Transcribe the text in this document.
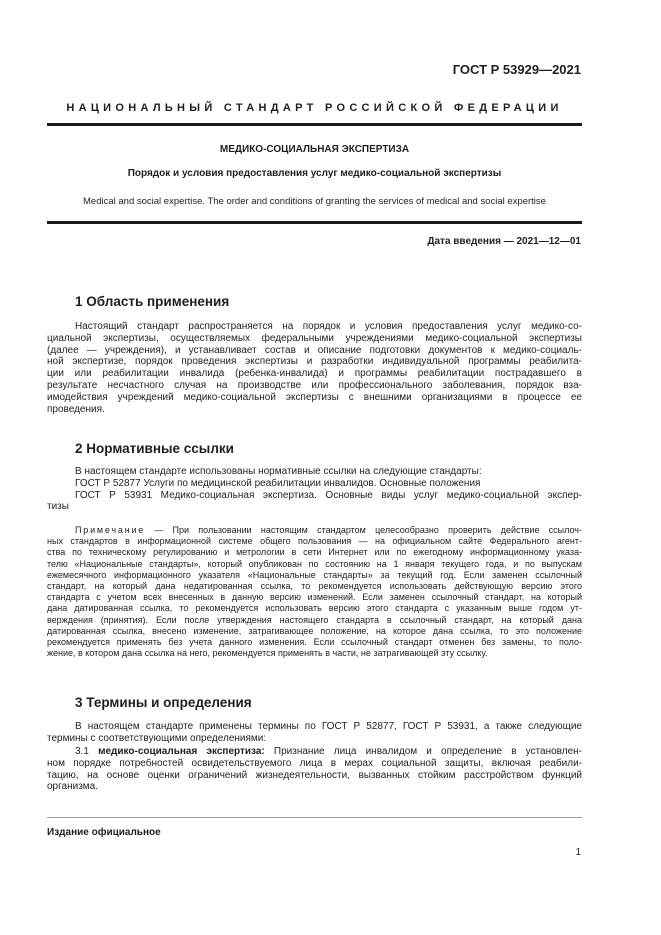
ГОСТ Р 53929—2021
НАЦИОНАЛЬНЫЙ СТАНДАРТ РОССИЙСКОЙ ФЕДЕРАЦИИ
МЕДИКО-СОЦИАЛЬНАЯ ЭКСПЕРТИЗА
Порядок и условия предоставления услуг медико-социальной экспертизы
Medical and social expertise. The order and conditions of granting the services of medical and social expertise
Дата введения — 2021—12—01
1 Область применения
Настоящий стандарт распространяется на порядок и условия предоставления услуг медико-со-
циальной экспертизы, осуществляемых федеральными учреждениями медико-социальной экспертизы
(далее — учреждения), и устанавливает состав и описание подготовки документов к медико-социаль-
ной экспертизе, порядок проведения экспертизы и разработки индивидуальной программы реабилита-
ции или реабилитации инвалида (ребенка-инвалида) и программы реабилитации пострадавшего в
результате несчастного случая на производстве или профессионального заболевания, порядок вза-
имодействия учреждений медико-социальной экспертизы с внешними организациями в процессе ее
проведения.
2 Нормативные ссылки
В настоящем стандарте использованы нормативные ссылки на следующие стандарты:
ГОСТ Р 52877 Услуги по медицинской реабилитации инвалидов. Основные положения
ГОСТ Р 53931 Медико-социальная экспертиза. Основные виды услуг медико-социальной экспер-
тизы
Примечание — При пользовании настоящим стандартом целесообразно проверить действие ссылоч-
ных стандартов в информационной системе общего пользования — на официальном сайте Федерального агент-
ства по техническому регулированию и метрологии в сети Интернет или по ежегодному информационному указа-
телю «Национальные стандарты», который опубликован по состоянию на 1 января текущего года, и по выпускам
ежемесячного информационного указателя «Национальные стандарты» за текущий год. Если заменен ссылочный
стандарт, на который дана недатированная ссылка, то рекомендуется использовать действующую версию этого
стандарта с учетом всех внесенных в данную версию изменений. Если заменен ссылочный стандарт, на который
дана датированная ссылка, то рекомендуется использовать версию этого стандарта с указанным выше годом ут-
верждения (принятия). Если после утверждения настоящего стандарта в ссылочный стандарт, на который дана
датированная ссылка, внесено изменение, затрагивающее положение, на которое дана ссылка, то это положение
рекомендуется применять без учета данного изменения. Если ссылочный стандарт отменен без замены, то поло-
жение, в котором дана ссылка на него, рекомендуется применять в части, не затрагивающей эту ссылку.
3 Термины и определения
В настоящем стандарте применены термины по ГОСТ Р 52877, ГОСТ Р 53931, а также следующие
термины с соответствующими определениями:
3.1 медико-социальная экспертиза: Признание лица инвалидом и определение в установлен-
ном порядке потребностей освидетельствуемого лица в мерах социальной защиты, включая реабили-
тацию, на основе оценки ограничений жизнедеятельности, вызванных стойким расстройством функций
организма.
Издание официальное
1
